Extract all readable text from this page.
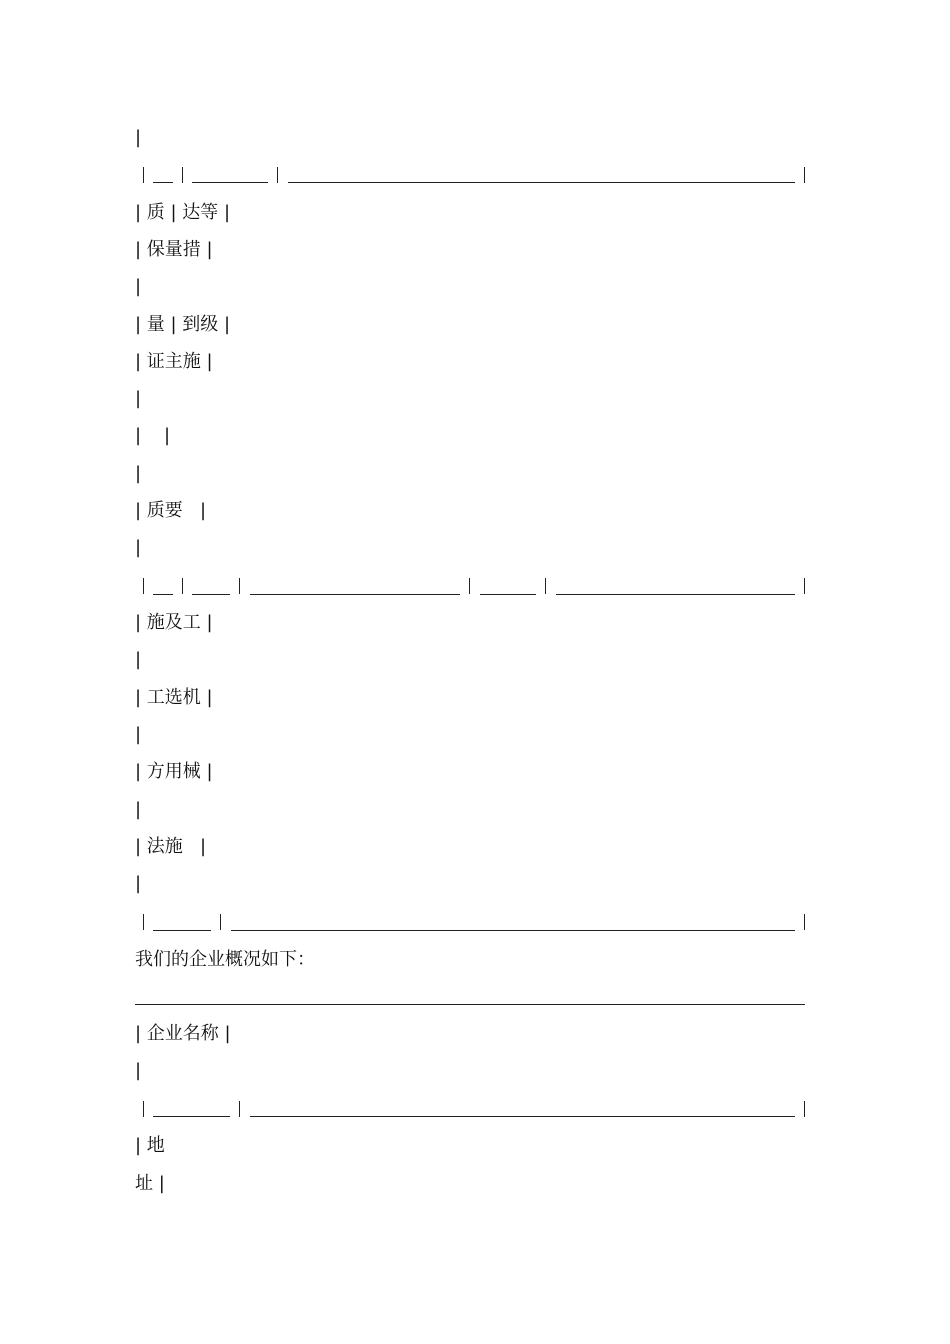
|
| 质 | 达等 |
| 保量措 |
|
| 量 | 到级 |
| 证主施 |
|
|    |
|
| 质要   |
|
| 施及工 |
|
| 工选机 |
|
| 方用械 |
|
| 法施   |
|
我们的企业概况如下：
| 企业名称 |
|
| 地
址 |
